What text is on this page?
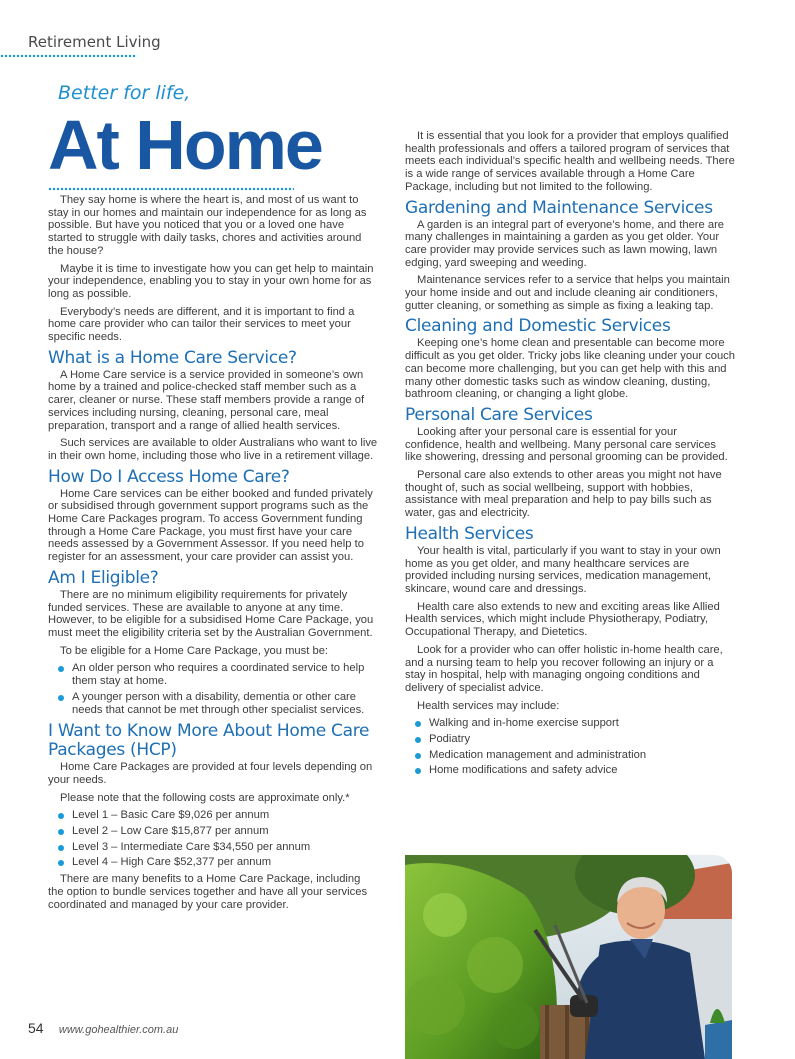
Retirement Living
Better for life,
At Home

They say home is where the heart is, and most of us want to stay in our homes and maintain our independence for as long as possible. But have you noticed that you or a loved one have started to struggle with daily tasks, chores and activities around the house?

Maybe it is time to investigate how you can get help to maintain your independence, enabling you to stay in your own home for as long as possible.

Everybody’s needs are different, and it is important to find a home care provider who can tailor their services to meet your specific needs.

What is a Home Care Service?

A Home Care service is a service provided in someone’s own home by a trained and police-checked staff member such as a carer, cleaner or nurse. These staff members provide a range of services including nursing, cleaning, personal care, meal preparation, transport and a range of allied health services.

Such services are available to older Australians who want to live in their own home, including those who live in a retirement village.

How Do I Access Home Care?

Home Care services can be either booked and funded privately or subsidised through government support programs such as the Home Care Packages program. To access Government funding through a Home Care Package, you must first have your care needs assessed by a Government Assessor. If you need help to register for an assessment, your care provider can assist you.

Am I Eligible?

There are no minimum eligibility requirements for privately funded services. These are available to anyone at any time. However, to be eligible for a subsidised Home Care Package, you must meet the eligibility criteria set by the Australian Government.

To be eligible for a Home Care Package, you must be:
An older person who requires a coordinated service to help them stay at home.
A younger person with a disability, dementia or other care needs that cannot be met through other specialist services.
I Want to Know More About Home Care Packages (HCP)

Home Care Packages are provided at four levels depending on your needs.

Please note that the following costs are approximate only.*
Level 1 – Basic Care $9,026 per annum
Level 2 – Low Care $15,877 per annum
Level 3 – Intermediate Care $34,550 per annum
Level 4 – High Care $52,377 per annum

There are many benefits to a Home Care Package, including the option to bundle services together and have all your services coordinated and managed by your care provider.

It is essential that you look for a provider that employs qualified health professionals and offers a tailored program of services that meets each individual’s specific health and wellbeing needs. There is a wide range of services available through a Home Care Package, including but not limited to the following.

Gardening and Maintenance Services

A garden is an integral part of everyone’s home, and there are many challenges in maintaining a garden as you get older. Your care provider may provide services such as lawn mowing, lawn edging, yard sweeping and weeding.

Maintenance services refer to a service that helps you maintain your home inside and out and include cleaning air conditioners, gutter cleaning, or something as simple as fixing a leaking tap.

Cleaning and Domestic Services

Keeping one’s home clean and presentable can become more difficult as you get older. Tricky jobs like cleaning under your couch can become more challenging, but you can get help with this and many other domestic tasks such as window cleaning, dusting, bathroom cleaning, or changing a light globe.

Personal Care Services

Looking after your personal care is essential for your confidence, health and wellbeing. Many personal care services like showering, dressing and personal grooming can be provided.

Personal care also extends to other areas you might not have thought of, such as social wellbeing, support with hobbies, assistance with meal preparation and help to pay bills such as water, gas and electricity.

Health Services

Your health is vital, particularly if you want to stay in your own home as you get older, and many healthcare services are provided including nursing services, medication management, skincare, wound care and dressings.

Health care also extends to new and exciting areas like Allied Health services, which might include Physiotherapy, Podiatry, Occupational Therapy, and Dietetics.

Look for a provider who can offer holistic in-home health care, and a nursing team to help you recover following an injury or a stay in hospital, help with managing ongoing conditions and delivery of specialist advice.

Health services may include:
Walking and in-home exercise support
Podiatry
Medication management and administration
Home modifications and safety advice
54 www.gohealthier.com.au
